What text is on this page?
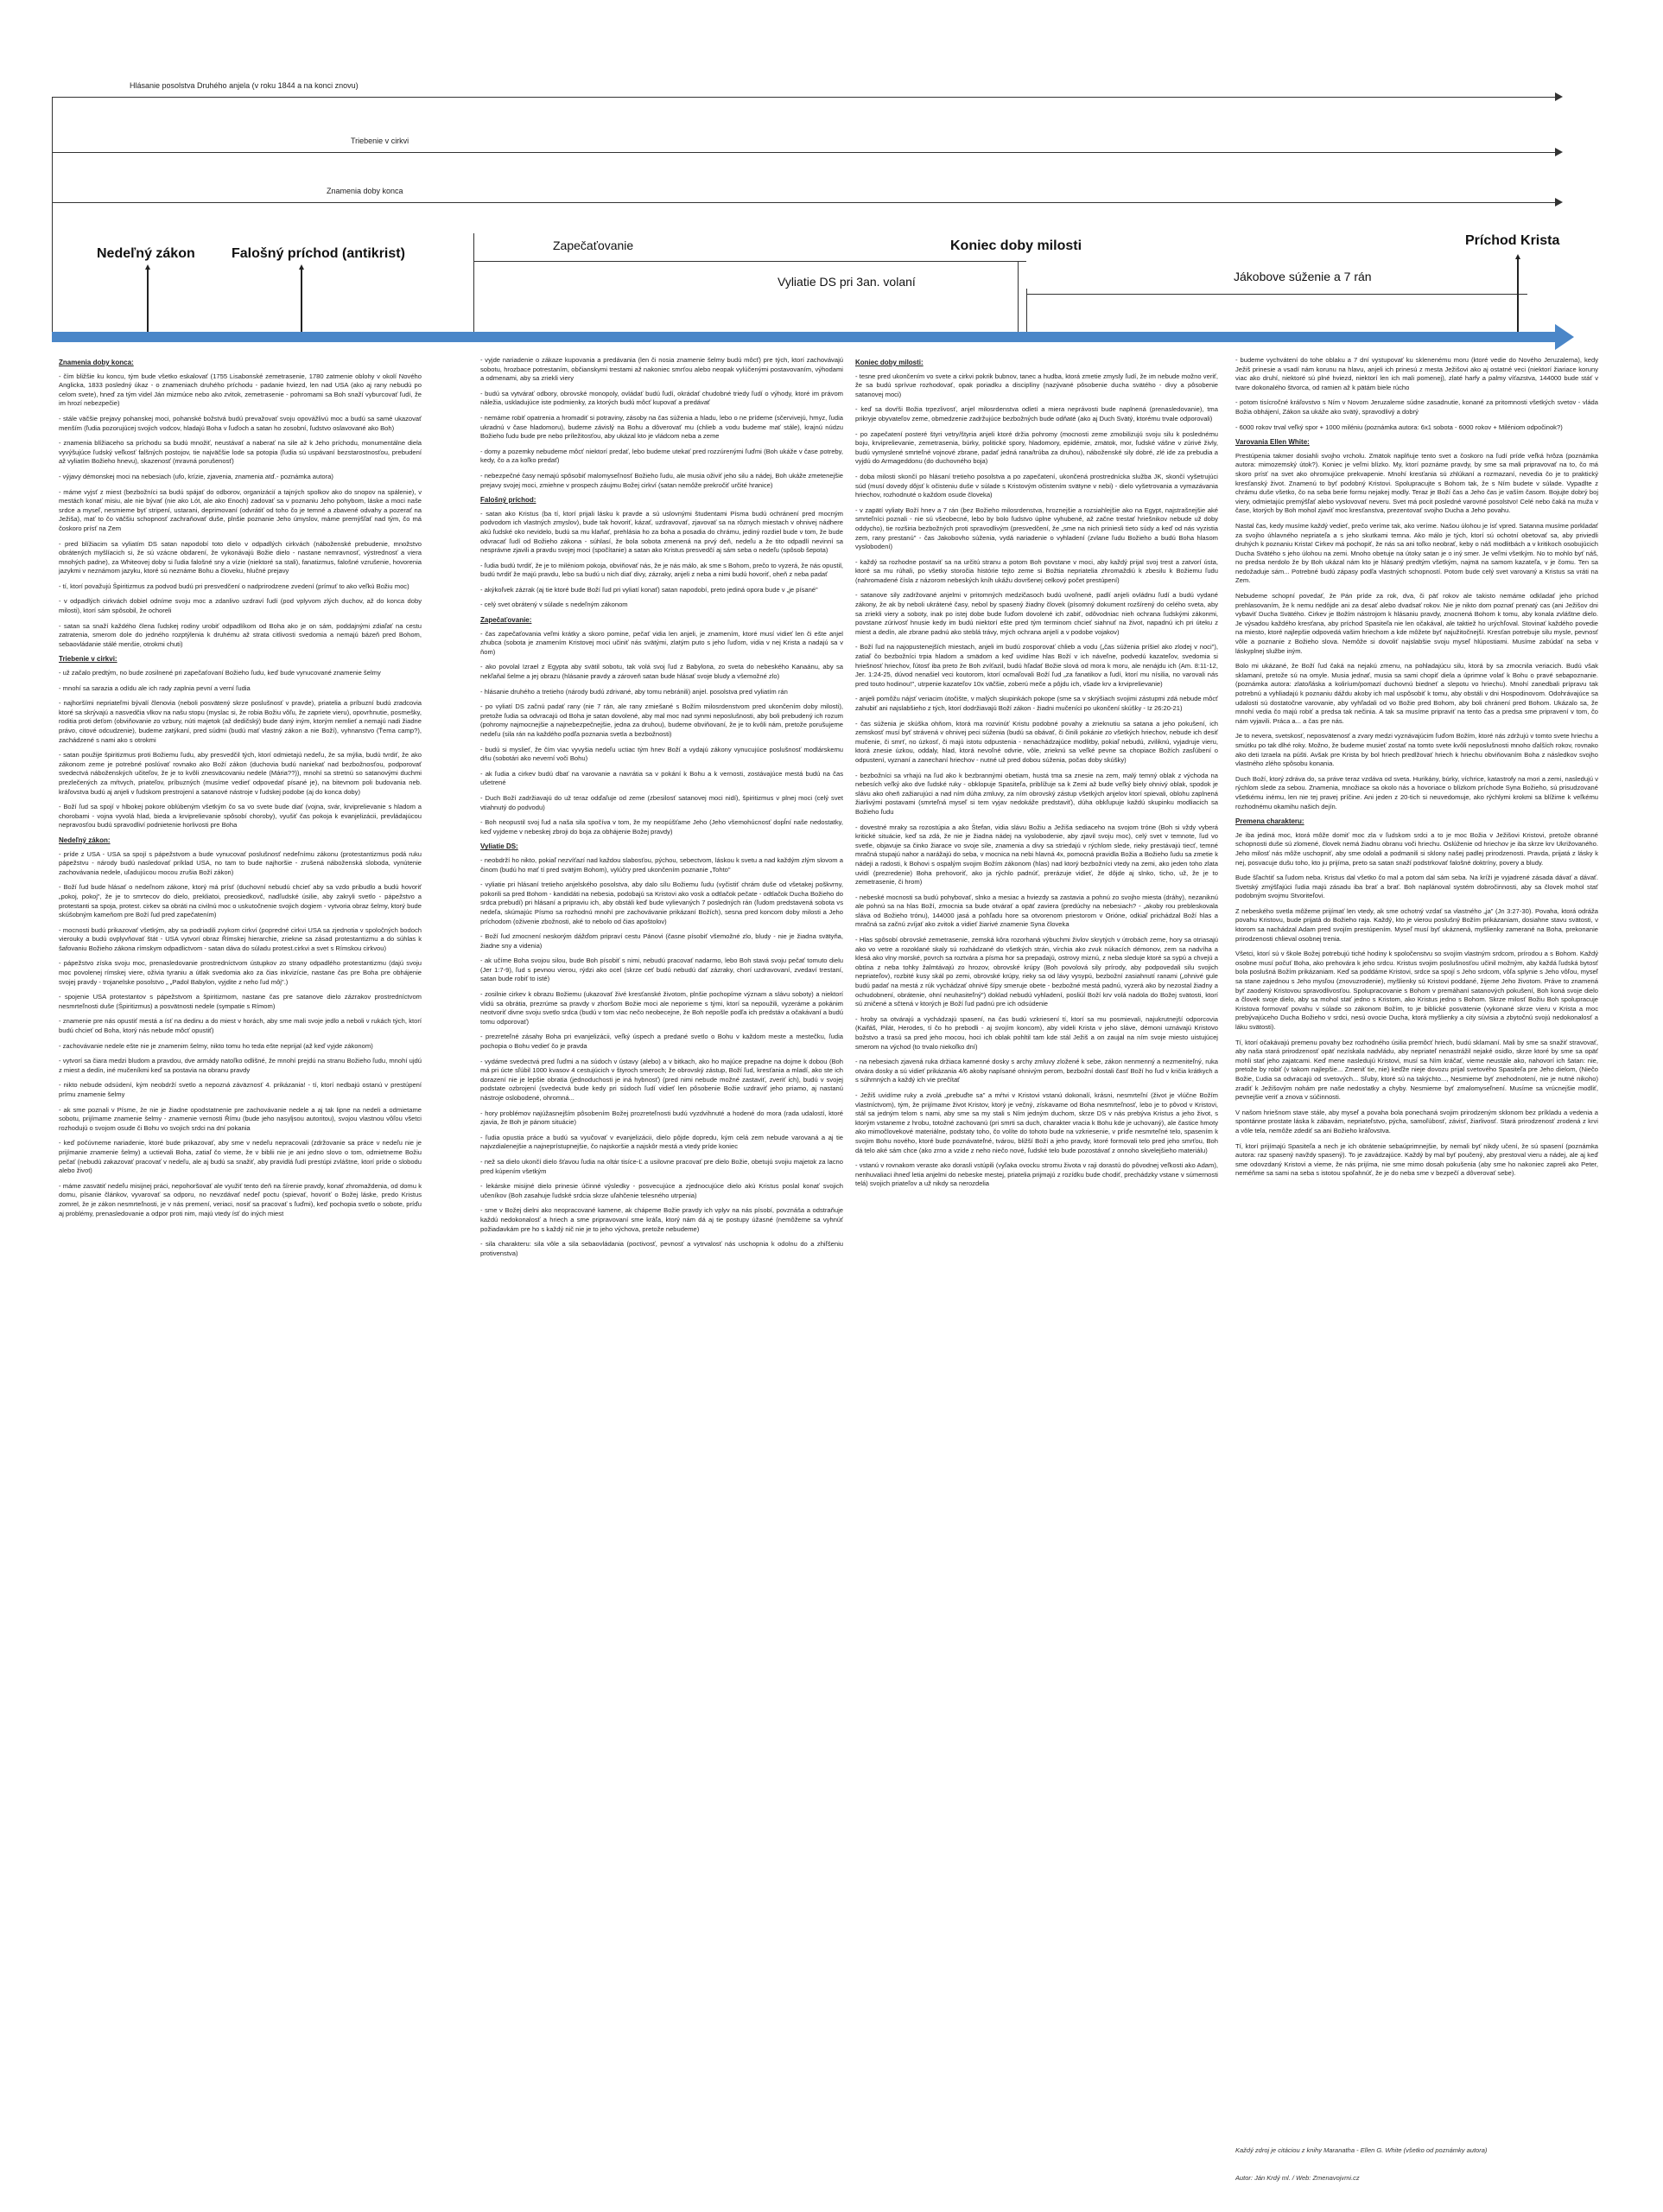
Hlásanie posolstva Druhého anjela (v roku 1844 a na konci znovu)
Triebenie v cirkvi
Znamenia doby konca
Nedeľný zákon	Falošný príchod (antikrist)
Zapečaťovanie	Koniec doby milosti
Vyliatie DS pri 3an. volaní	Jákobove súženie a 7 rán
Príchod Krista
Znamenia doby konca:

- čím bližšie ku koncu, tým bude všetko eskalovať (1755 Lisabonské zemetrasenie, 1780 zatmenie oblohy v okolí Nového Anglicka, 1833 posledný úkaz - o znameniach druhého príchodu - padanie hviezd, len nad USA (ako aj rany nebudú po celom svete), hneď za tým videl Ján mizmúce nebo ako zvitok, zemetrasenie - pohromami sa Boh snaží vyburcovať ľudí, že im hrozí nebezpečie)

- stále väčšie prejavy pohanskej moci, pohanské božstvá budú prevažovať svoju opovážlivú moc a budú sa samé ukazovať menším (ľudia pozorujúcej svojich vodcov, hladajú Boha v ľuďoch a satan ho zosobní, ľudstvo oslavované ako Boh)

- znamenia blížiaceho sa príchodu sa budú množiť, neustávať a naberať na sile až k Jeho príchodu, monumentálne diela vyvýšujúce ľudský veľkosť falšných postojov, tie najväčšie lode sa potopia (ľudia sú uspávaní bezstarostnosťou, prebudení až vyliatím Božieho hnevu), skazenosť (mravná porušenosť)

- výjavy démonskej moci na nebesiach (ufo, krízie, zjavenia, znamenia atď.- poznámka autora)

- máme vyjsť z miest (bezbožníci sa budú spájať do odborov, organizácií a tajných spolkov ako do snopov na spálenie), v mestách konať misiu, ale nie bývať (nie ako Lót, ale ako Enoch) zadovať sa v poznaniu Jeho pohybom, láske a moci naše srdce a myseľ, nesmieme byť stripení, ustarani, deprimovaní (odvrátiť od toho čo je temné a zbavené odvahy a pozerať na Ježiša), mať to čo väčšiu schopnosť zachraňovať duše, plnšie poznanie Jeho úmyslov, máme premýšľať nad tým, čo má čoskoro prísť na Zem

- pred blížiacim sa vyliatím DS satan napodobí toto dielo v odpadlých cirkvách (náboženské prebudenie, množstvo obrátených myšlíacich si, že sú vzácne obdarení, že vykonávajú Božie dielo - nastane nemravnosť, výstrednosť a viera mnohých padne), za Whiteovej doby si ľudia falošné sny a vízie (niektoré sa stali), fanatizmus, falošné vzrušenie, hovorenia jazykmi v neznámom jazyku, ktoré sú neznáme Bohu a človeku, hlučné prejavy

- tí, ktorí považujú Špiritizmus za podvod budú pri presvedčení o nadprirodzene zvedení (prímuť to ako veľkú Božiu moc)

- v odpadlých cirkvách dobiel odníme svoju moc a zdanlivo uzdraví ľudí (pod vplyvom zlých duchov, až do konca doby milosti), ktorí sám spôsobil, že ochoreli

- satan sa snaží každého člena ľudskej rodiny urobiť odpadlíkom od Boha ako je on sám, poddajnými zdiaľať na cestu zatratenia, smerom dole do jedného rozptýlenia k druhému až strata citlivosti svedomia a nemajú bázeň pred Bohom, sebaovládanie stálé menšie, otrokmi chuti)

Triebenie v cirkvi:

- už začalo predtým, no bude zosilnené pri zapečaťovaní Božieho ľudu, keď bude vynucované znamenie šelmy

- mnohí sa sarazia a odídu ale ich rady zaplnia pevní a verní ľudia

- najhoršími nepriateľmi bývalí členovia (neboli posvätený skrze poslušnosť v pravde), priatelia a príbuzní budú zradcovia ktoré sa skrývajú a nasvedčia vlkov na našu stopu (myslac si, že robia Božiu vôľu, že zapriete vieru), opovrhnutie, posmešky, roditia proti deťom (obviňovanie zo vzbury, núti majetok (až dedičský) bude daný iným, ktorým nemlieť a nemajú nadi žiadne právo, citové odcudzenie), budeme zatýkaní, pred súdmi (budú mať vlastný zákon a nie Boží), vyhnanstvo (Ťema camp?), zachádzené s nami ako s otrokmi

- satan použije špiritizmus proti Božiemu ľudu, aby presvedčil tých, ktorí odmietajú nedeľu, že sa mýlia, budú tvrdiť, že ako zákonom zeme je potrebné poslúvať rovnako ako Boží zákon (duchovia budú naniekať nad bezbožnosťou, podporovať svedectvá náboženských učiteľov, že je to kvôli znesväcovaniu nedele (Mária??)), mnohí sa stretnú so satanovými duchmi prezlečených za mŕtvych, priateľov, príbuzných (musíme vedieť odpovedať písané je), na bitevnom poli budovania neb. kráľovstva budú aj anjeli v ľudskom prestrojení a satanové nástroje v ľudskej podobe (aj do konca doby)

- Boží ľud sa spojí v hlbokej pokore oblúbeným všetkým čo sa vo svete bude diať (vojna, svár, krviprelievanie s hladom a chorobami - vojna vyvolá hlad, bieda a krviprelievanie spôsobí choroby), vyušiť čas pokoja k evanjelizácii, prevládajúcou nepravosťou budú spravodliví podnietenie horlivosti pre Boha

Nedeľný zákon:

- príde z USA - USA sa spojí s pápežstvom a bude vynucovať poslušnosť nedeľnímu zákonu (protestantizmus podá ruku pápežstvu - národy budú nasledovať príklad USA, no tam to bude najhoršie - zrušená náboženská sloboda, vynútenie zachovávania nedele, uľadujúcou mocou zrušia Boží zákon)

- Boží ľud bude hlásať o nedeľnom zákone, ktorý má prísť (duchovní nebudú chcieť aby sa vzdo pribudlo a budú hovoriť „pokoj, pokoj", že je to smrtecov do dielo, prekliatoi, preosiedkovč, nadľudské úsilie, aby zakryli svetlo - pápežstvo a protestanti sa spoja, protest. cirkev sa obráti na civilnú moc o uskutočnenie svojich dogiem - vytvoria obraz šelmy, ktorý bude skúšobným kameňom pre Boží ľud pred zapečatením)

- mocnosti budú prikazovať všetkým, aby sa podriadili zvykom cirkví (popredné cirkvi USA sa zjednotia v spoločných bodoch vierouky a budú ovplyvňovať štát - USA vytvorí obraz Římskej hierarchie, zriekne sa zásad protestantizmu a do súhlas k šafovaniu Božieho zákona rímskym odpadlictvom - satan dáva do súladu protest.cirkvi a svet s Rímskou cirkvou)

- pápežstvo získa svoju moc, prenasledovanie prostredníctvom ústupkov zo strany odpadlého protestantizmu (dajú svoju moc povolenej rímskej viere, oživia tyraniu a útlak svedomia ako za čias inkvizície, nastane čas pre Boha pre obhájenie svojej pravdy - trojanelske posolstvo „ „Padol Babylon, vyjdite z neho ľud môj".)

- spojenie USA protestantov s pápežstvom a špiritizmom, nastane čas pre satanove dielo zázrakov prostredníctvom nesmrteľnosti duše (Špiritizmus) a posvätnosti nedele (sympatie s Rímom)

- znamenie pre nás opustiť mestá a ísť na dedinu a do miest v horách, aby sme mali svoje jedlo a neboli v rukách tých, ktorí budú chcieť od Boha, ktorý nás nebude môcť opustiť)

- zachovávanie nedele ešte nie je znamenim šelmy, nikto tomu ho teda ešte neprijal (až keď vyjde zákonom)

- vytvorí sa čiara medzi bludom a pravdou, dve armády natoľko odlišné, že mnohí prejdú na stranu Božieho ľudu, mnohí ujdú z miest a dedín, iné mučeníkmi keď sa postavia na obranu pravdy

- nikto nebude odsúdení, kým neobdrží svetlo a nepozná záväznosť 4. prikázania! - tí, ktorí nedbajú ostanú v prestúpení prímu znamenie šelmy

- ak sme poznali v Písme, že nie je žiadne opodstatnenie pre zachovávanie nedele a aj tak lipne na nedeli a odmietame sobotu, prijímame znamenie šelmy - znamenie vernosti Římu (bude jeho nasyljsou autoritou), svojou vlastnou vôľou všetci rozhodujú o svojom osude či Bohu vo svojich srdci na dní pokania

- keď počúvneme nariadenie, ktoré bude prikazovať, aby sme v nedeľu nepracovali (zdržovanie sa práce v nedeľu nie je prijímanie znamenie šelmy) a uctievali Boha, zatiaľ čo vieme, že v biblii nie je ani jedno slovo o tom, odmietneme Božiu pečať (nebudú zakazovať pracovať v nedeľu, ale aj budú sa snažiť, aby pravidlá ľudí prestúpi zvláštne, ktorí príde o slobodu alebo život)

- máme zasvätiť nedeľu misijnej práci, nepohoršovať ale využiť tento deň na šírenie pravdy, konať zhromaždenia, od domu k domu, písanie článkov, vyvarovať sa odporu, no nevzdávať nedeľ poctu (spievať, hovoriť o Božej láske, predo Kristus zomrel, že je zákon nesmrteľnosti, je v nás premení, veriaci, nosiť sa pracovať s ľuďmi), keď pochopia svetlo o sobote, príďu aj problémy, prenasledovanie a odpor proti nim, majú vtedy ísť do iných miest

- vyjde nariadenie o zákaze kupovania a predávania (len či nosia znamenie šelmy budú môcť) pre tých, ktorí zachovávajú sobotu, hrozbace potrestaním, občianskymi trestami až nakoniec smrťou alebo neopak vylúčenými postavovaním, výhodami a odmenami, aby sa zriekli viery

- budú sa vytvárať odbory, obrovské monopoly, ovládať budú ľudí, okrádať chudobné triedy ľudí o výhody, ktoré im právom náležia, uskladujúce iste podmienky, za ktorých budú môcť kupovať a predávať

- nemáme robiť opatrenia a hromadiť si potraviny, zásoby na čas súženia a hladu, lebo o ne prídeme (sčervivejú, hmyz, ľudia ukradnú v čase hladomoru), budeme závislý na Bohu a dôverovať mu (chlieb a vodu budeme mať stále), krajnú núdzu Božieho ľudu bude pre nebo príležitosťou, aby ukázal kto je vládcom neba a zeme

- domy a pozemky nebudeme môcť niektorí predať, lebo budeme utekať pred rozzúrenými ľuďmi (Boh ukáže v čase potreby, kedy, čo a za koľko predať)

- nebezpečné časy nemajú spôsobiť malomyseľnosť Božieho ľudu, ale musia oživiť jeho silu a nádej, Boh ukáže zmetenejšie prejavy svojej moci, zmiehne v prospech záujmu Božej cirkví (satan nemôže prekročiť určité hranice)

Falošný príchod:

- satan ako Kristus (ba tí, ktorí prijali lásku k pravde a sú uslovnými študentami Písma budú ochránení pred mocným podvodom ich vlastných zmyslov), bude tak hovoriť, kázať, uzdravovať, zjavovať sa na rôznych miestach v ohnivej nádhere akú ľudské oko nevidelo, budú sa mu klaňať, prehlásia ho za boha a posadia do chrámu, jediný rozdiel bude v tom, že bude odvracať ľudí od Božieho zákona - súhlasí, že bola sobota zmenená na prvý deň, nedeľu a že tito odpadlí nevinní sa nesprávne zjavili a pravdu svojej moci (spočítanie) a satan ako Kristus presvedčí aj sám seba o nedeľu (spôsob šepota)

- ľudia budú tvrdiť, že je to miléniom pokoja, obviňovať nás, že je nás málo, ak sme s Bohom, prečo to vyzerá, že nás opustil, budú tvrdiť že majú pravdu, lebo sa budú u nich diať divy, zázraky, anjeli z neba a nimi budú hovoriť, oheň z neba padať

- akýkoľvek zázrak (aj tie ktoré bude Boží ľud pri vyliatí konať) satan napodobí, preto jediná opora bude v „je písané"

- celý svet obrátený v súlade s nedeľným zákonom

Zapečaťovanie:

- čas zapečaťovania veľmi krátky a skoro pomine, pečať vidia len anjeli, je znamením, ktoré musí vidieť len či ešte anjel zhubca (sobota je znamením Kristovej moci učiniť nás svätými, zlatým puto s jeho ľuďom, vidia v nej Krista a nadajú sa v ňom)

- ako povolal Izrael z Egypta aby svätil sobotu, tak volá svoj ľud z Babylona, zo sveta do nebeského Kanaánu, aby sa nekľaňal šelme a jej obrazu (hlásanie pravdy a zároveň satan bude hlásať svoje bludy a všemožné zlo)

- hlásanie druhého a tretieho (národy budú zdrivané, aby tomu nebránili) anjel. posolstva pred vyliatím rán

- po vyliatí DS začnú padať rany (nie 7 rán, ale rany zmiešané s Božím milosrdenstvom pred ukončením doby milosti), pretože ľudia sa odvracajú od Boha je satan dovolené, aby mal moc nad synmi neposlušnosti, aby boli prebudený ich rozum (pohromy najmocnejšie a najnebezpečnejšie, jedna za druhou), budeme obviňovaní, že je to kvôli nám, pretože porušujeme nedeľu (sila rán na každého podľa poznania svetla a bezbožnosti)

- budú si myslieť, že čím viac vyvyšia nedeľu uctiac tým hnev Boží a vydajú zákony vynucujúce poslušnosť modlárskemu dňu (sobotári ako neverní voči Bohu)

- ak ľudia a cirkev budú dbať na varovanie a navrátia sa v pokání k Bohu a k vernosti, zostávajúce mestá budú na čas ušetrené

- Duch Boží zadržiavajú do už teraz odďaľuje od zeme (zbesilosť satanovej moci nidí), špiritizmus v plnej moci (celý svet vtiahnutý do podvodu)

- Boh neopustil svoj ľud a naša sila spočíva v tom, že my neopúšťame Jeho (Jeho všemohúcnosť dopĺní naše nedostatky, keď vyjdeme v nebeskej zbroji do boja za obhájenie Božej pravdy)

Vyliatie DS:

- neobdrží ho nikto, pokiaľ nezvíťazí nad každou slabosťou, pýchou, sebectvom, láskou k svetu a nad každým zlým slovom a činom (budú ho mať tí pred svätým Bohom), vylúčry pred ukončením poznanie „Tohto"

- vyliatie pri hlásaní tretieho anjelského posolstva, aby dalo sílu Božiemu ľudu (vyčistiť chrám duše od všetakej poškvrny, pokorili sa pred Bohom - kandidáti na nebesia, podobajú sa Kristovi ako vosk a odtlačok pečate - odtlačok Ducha Božieho do srdca prebudí) pri hlásaní a pripraviu ich, aby obstáli keď bude vylievaných 7 posledných rán (ľudom predstavená sobota vs nedeľa, skúmajúc Písmo sa rozhodnú mnohí pre zachovávanie prikázaní Božích), sesna pred koncom doby milosti a Jeho príchodom (oživenie zbožnosti, aké to nebolo od čias apoštolov)

- Boží ľud zmocnení neskorým dážďom pripraví cestu Pánovi (časne písobiť všemožné zlo, bludy - nie je žiadna svätyňa, žiadne sny a videnia)

- ak učíme Boha svojou silou, bude Boh písobiť s nimi, nebudú pracovať nadarmo, lebo Boh stavá svoju pečať tomuto dielu (Jer 1:7-9), ľud s pevnou vierou, rýdzi ako ocel (skrze ceť budú nebudú dať zázraky, chorí uzdravovaní, zvedaví trestaní, satan bude robiť to isté)

- zosilnie cirkev k obrazu Božiemu (ukazovať živé kresťanské životom, plnšie pochopíme význam a slávu soboty) a niektorí vlidú sa obrátia, prezrúme sa pravdy v zhoršom Božie moci ale neporieme s tými, ktorí sa nepoužili, vyzeráme a pokánim neotvoriť divne svoju svetlo srdca (budú v tom viac nečo neobecejne, že Boh nepošle podľa ich predstáv a očakávaní a budú tomu odporovať)

- prezreteľné zásahy Boha pri evanjelizácii, veľký úspech a predané svetlo o Bohu v každom meste a mestečku, ľudia pochopia o Bohu vedieť čo je pravda

- vydáme svedectvá pred ľuďmi a na súdoch v ústavy (alebo) a v bitkach, ako ho majúce prepadne na dojme k dobou (Boh má pri úcte sľúbil 1000 kvasov 4 cestujúcich v štyroch smeroch; že obrovský zástup, Boží ľud, kresťania a mladí, ako ste ich dorazení nie je lepšie obratia (jednoduchosti je iná hybnosť) (pred nimi nebude možné zastaviť, zveriť ich), budú v svojej podstate ozbrojení (svedectvá bude kedy pri súdoch ľudí vidieť len pôsobenie Božie uzdraviť jeho priamo, aj nastanú nástroje oslobodené, ohromná...

- hory problémov najúžasnejším pôsobením Božej prozreteľnosti budú vyzdvihnuté a hodené do mora (rada udalostí, ktoré zjavia, že Boh je pánom situácie)

- ľudia opustia práce a budú sa vyučovať v evanjelizácii, dielo pôjde dopredu, kým celá zem nebude varovaná a aj tie najvzdialenejšie a najneprístupnejšie, čo najskoršie a najskôr mestá a vtedy príde koniec

- než sa dielo ukončí dielo šťavou ľudia na oltár tisíce-Ľ a usilovne pracovať pre dielo Božie, obetujú svojiu majetok za lacno pred kúpením všetkým

- lekárske misijné dielo prinesie účinné výsledky - posvecujúce a zjednocujúce dielo akú Kristus poslal konať svojich učeníkov (Boh zasahuje ľudské srdcia skrze uľahčenie telesného utrpenia)

- sme v Božej dielni ako neopracované kamene, ak chápeme Božie pravdy ich vplyv na nás písobí, povznáša a odstraňuje každú nedokonalosť a hriech a sme pripravovaní sme kráľa, ktorý nám dá aj tie postupy úžasné (nemôžeme sa vyhnúť požiadavkám pre ho s každý nič nie je to jeho výchova, pretože nebudeme)

- sila charakteru: sila vôle a sila sebaovládania (poctivosť, pevnosť a vytrvalosť nás uschopnia k odolnu do a zhiľšeniu protivenstva)

Koniec doby milosti:

- tesne pred ukončením vo svete a cirkvi pokrik bubnov, tanec a hudba, ktorá zmetie zmysly ľudí, že im nebude možno veriť, že sa budú sprívue rozhodovať, opak poriadku a disciplíny (nazývané pôsobenie ducha svätého - divy a pôsobenie satanovej moci)

- keď sa dovŕši Božia trpezlivosť, anjel milosrdenstva odletí a miera neprávosti bude naplnená (prenasledovanie), tma prikryje obyvateľov zeme, obmedzenie zadržujúce bezbožných bude odňaté (ako aj Duch Svätý, ktorému trvale odporovali)

- po zapečatení posteré štyri vetry/štyria anjeli ktoré držia pohromy (mocnosti zeme zmobilizujú svoju silu k poslednému boju, krviprelievanie, zemetrasenia, búrky, politické spory, hladomory, epidémie, zmätok, mor, ľudské vášne v zúrivé živly, budú vymyslené smrteľné vojnové zbrane, padať jedná rana/trúba za druhou), náboženské sily dobré, zlé ide za prebudia a vyjdú do Armageddonu (do duchovného boja)

- doba milosti skončí po hlásaní tretieho posolstva a po zapečatení, ukončená prostrednícka služba JK, skončí vyšetrujúci súd (musí dovedy dôjsť k očisteniu duše v súlade s Kristovým očistením svätyne v nebi) - dielo vyšetrovania a vymazávania hriechov, rozhodnuté o každom osude človeka)

- v zapätí vyliaty Boží hnev a 7 rán (bez Božieho milosrdenstva, hroznejšie a rozsiahlejšie ako na Egypt, najstrašnejšie aké smrteľníci poznali - nie sú všeobecné, lebo by bolo ľudstvo úplne vyhubené, až začne trestať hriešnikov nebude už doby oddycho), tie rozširia bezbožných proti spravodlivým (presvedčení, že „sme na nich priniesli tieto súdy a keď od nás vyzistia zem, rany prestanú" - čas Jakobovho súženia, vydá nariadenie o vyhladení (zvlane ľudu Božieho a budú Boha hlasom vyslobodení)

- každý sa rozhodne postaviť sa na určitú stranu a potom Boh povstane v moci, aby každý prijal svoj trest a zatvorí ústa, ktoré sa mu rúhali, po všetky storočia histórie tejto zeme si Božtia nepriatelia zhromaždiú k zbesilu k Božiemu ľudu (nahromadené čísla z názorom nebeských kníh ukážu dovršenej celkový počet prestúpení)

- satanove sily zadržované anjelmi v pritomných medzičasoch budú uvoľnené, padlí anjeli ovládnu ľudí a budú vydané zákony, že ak by neboli ukrátené časy, nebol by spasený žiadny človek (písomný dokument rozšírený do celého sveta, aby sa zriekli viery a soboty, inak po istej dobe bude ľuďom dovolené ich zabiť, odôvodniac nieh ochrana ľudskými zákonmi, povstane zúrivosť hnusie kedy im budú niektorí ešte pred tým terminom chcieť siahnuť na život, napadnú ich pri úteku z miest a dedín, ale zbrane padnú ako steblá trávy, mých ochrana anjelí a v podobe vojakov)

- Boží ľud na najopustenejších miestach, anjeli im budú zosporovať chlieb a vodu („čas súženia príšiel ako zlodej v noci"), zatiaľ čo bezbožníci trpia hladom a smädom a keď uvidíme hlas Boží v ich náveľne, podvedú kazateľov, svedomia si hriešnosť hriechov, ľútosť iba preto že Boh zvíťazil, budú hľadať Božie slová od mora k moru, ale nenájdu ich (Am. 8:11-12, Jer. 1:24-25, dúvod nenašiel veci koutorom, ktorí ocmaľovali Boží ľud „za fanatikov a ľudí, ktorí mu nísilia, no varovali nás pred touto hodinou!", utrpenie kazateľov 10x väčšie, zoberú meče a pôjdu ich, všade krv a krviprelievanie)

- anjeli pomôžu nájsť veriacim útočište, v malých skupinkách pokope (sme sa v skrýšiach svojimi zástupmi zdá nebude môcť zahubiť ani najslabšieho z tých, ktorí dodržiavajú Boží zákon - žiadni mučeníci po ukončení skúšky - Iz 26:20-21)

- čas súženia je skúška ohňom, ktorá ma rozvinúť Kristu podobné povahy a zrieknutiu sa satana a jeho pokušení, ich zemskosť musí byť strávená v ohnivej peci súženia (budú sa obávať, či činili pokánie zo všetkých hriechov, nebude ich desiť mučenie, či smrť, no úzkosť, či majú istotu odpustenia - nenachádzajúce modlitby, pokiaľ nebudú, zviliknú, vyjadruje vieru, ktorá znesie úzkou, oddaly, hlad, ktorá nevoľné odvrie, vôle, zrieknú sa veľké pevne sa chopiace Božích zasľúbení o odpustení, vyznaní a zanechaní hriechov - nutné už pred dobou súženia, počas doby skúšky)

- bezbožníci sa vrhajú na ľud ako k bezbrannými obetiam, hustá tma sa znesie na zem, malý temný oblak z východa na nebesích veľký ako dve ľudské ruky - obklopuje Spasiteľa, priblížuje sa k Zemi až bude veľký biely ohnivý oblak, spodok je slávu ako oheň zažiarujúci a nad ním dúha zmluvy, za ním obrovský zástup všetkých anjelov ktorí spievali, oblohu zaplnená žiarlivými postavami (smrteľná myseľ si tem vyjav nedokáže predstaviť), dúha obkľupuje každú skupinku modliacich sa Božieho ľudu

- dovestné mraky sa rozostúpia a ako Štefan, vidia slávu Božiu a Ježiša sediaceho na svojom tróne (Boh si vždy vyberá kritické situácie, keď sa zdá, že nie je žiadna nádej na vyslobodenie, aby zjavil svoju moc), celý svet v temnote, ľud vo svetle, objavuje sa činko žiarace vo svoje sile, znamenia a divy sa striedajú v rýchlom slede, rieky prestávajú tiecť, temné mračná stupajú nahor a narážajú do seba, v mocnica na nebi hlavná 4x, pomocná pravidla Božia a Božieho ľudu sa zmetie k nádeji a radosti, k Bohovi s ospalým svojim Božím zákonom (hlas) nad ktorý bezbožníci vtedy na zemi, ako jeden toho zlata uvidí (prezredenie) Boha prehovoriť, ako ja rýchlo padnúť, prerázuje vidieť, že dôjde aj slnko, ticho, už, že je to zemetrasenie, či hrom)

- nebeské mocnosti sa budú pohybovať, slnko a mesiac a hviezdy sa zastavia a pohnú zo svojho miesta (dráhy), nezaniknú ale pohnú sa na hlas Boží, zmocnia sa bude otvárať a opäť zaviera (predúchy na nebesiach? - „akoby rou prebleskovala sláva od Božieho trónu), 144000 jasá a pohľadu hore sa otvorenom priestorom v Orióne, odkiaľ prichádzal Boží hlas a mračná sa začnú zvíjať ako zvitok a vidieť žiarivé znamenie Syna človeka

- Hlas spôsobí obrovské zemetrasenie, zemská kôra rozorhaná výbuchmi živlov skrytých v útrobách zeme, hory sa otriasajú ako vo vetre a rozoklané skaly sú rozhádzané do všetkých strán, vírchia ako zvuk núkacích démonov, zem sa nadvíha a klesá ako vlny morské, povrch sa roztvára a písma hor sa prepadajú, ostrovy miznú, z neba sleduje ktoré sa sypú a chvejú a obtína z neba tohky žalmtávajú zo hrozov, obrovské krúpy (Boh povolová sily prírody, aby podpovedali silu svojich nepriateľov), rozbité kusy skál po zemi, obrovské krúpy, rieky sa od lávy vysypú, bezbožní zasiahnutí ranami („ohnivé gule budú padať na mestá z rúk vychádzať ohnivé šípy smeruje obete - bezbožné mestá padnú, vyzerá ako by nezostal žiadny a ochudobnení, obrátenie, ohní neuhasiteľný") doklad nebudú vyhladení, posliúí Boží krv volá nadola do Božej svätosti, ktorí sú zničené a sčtená v ktorých je Boží ľud padnú pre ich odsúdenie

- hroby sa otvárajú a vychádzajú spasení, na čas budú vzkriesení tí, ktorí sa mu posmievali, najukrutnejší odporcovia (Kaifáš, Pilát, Herodes, tí čo ho prebodli - aj svojím koncom), aby videli Krista v jeho sláve, démoni uznávajú Kristovo božstvo a trasú sa pred jeho mocou, hoci ich oblak pohltil tam kde stál Ježiš a on zaujal na ním svoje miesto uistujúcej smerom na východ (to trvalo niekoľko dní)

- na nebesiach zjavená ruka držiaca kamenné dosky s archy zmluvy zložené k sebe, zákon nenmenný a nezmeniteľný, ruka otvára dosky a sú vidieť prikázania 4/6 akoby napísané ohnivým perom, bezbožní dostali časť Boží ho ľud v kričia krátkych a s súhrnných a každý ich vie prečítať

- Ježiš uvidíme ruky a zvolá „prebuďte sa" a mŕtvi v Kristovi vstanú dokonalí, krásni, nesmrteľní (život je vlúčne Božím vlastníctvom), tým, že prijímame život Kristov, ktorý je večný, získavame od Boha nesmrteľnosť, lebo je to pôvod v Kristovi, stál sa jedným telom s nami, aby sme sa my stali s Ním jedným duchom, skrze DS v nás prebýva Kristus a jeho život, s ktorým vstaneme z hrobu, totožné zachovanú (pri smrti sa duch, charakter vracia k Bohu kde je uchovaný), ale častice hmoty ako mimočlovekové materiálne, podstaty toho, čo volíte do tohoto bude na vzkriesenie, v príďe nesmrteľné telo, spasením k svojim Bohu nového, ktoré bude poznávateľné, tvárou, bližší Boží a jeho pravdy, ktoré formovali telo pred jeho smrťou, Boh dá telo aké sám chce (ako zrno a vzide z neho niečo nové, ľudské telo bude pozostávať z onnoho skvelejšieho materiálu)

- vstanú v rovnakom veraste ako dorasli vstúpili (vyľaka ovocku stromu života v raji dorastú do pôvodnej veľkosti ako Adam), nenhuvaliaci ihneď letia anjelmi do nebeske mestej, priatelia prijmajú z rozídku bude chodiť, prechádzky vstane v súmernosti telá) svojich priateľov a už nikdy sa nerozdelia

- budeme vychvátení do tohe oblaku a 7 dní vystupovať ku sklenenému moru (ktoré vedie do Nového Jeruzalema), kedy Ježiš prinesie a vsadí nám korunu na hlavu, anjeli ich prinesú z mesta Ježišovi ako aj ostatné veci (niektorí žiariace koruny viac ako druhí, niektoré sú plné hviezd, niektorí len ich mali pomenej), zlaté harfy a palmy víťazstva, 144000 bude stáť v tvare dokonalého štvorca, od ramien až k pätám biele rúcho

- potom tisícročné kráľovstvo s Ním v Novom Jeruzaleme súdne zasadnutie, konané za pritomnosti všetkých svetov - vláda Božia obhájení, Zákon sa ukáže ako svätý, spravodlivý a dobrý

- 6000 rokov trval veľký spor + 1000 miléniu (poznámka autora: 6x1 sobota - 6000 rokov + Miléniom odpočinok?)

Varovania Ellen White:

Prestúpenia takmer dosiahli svojho vrcholu. Zmätok naplňuje tento svet a čoskoro na ľudí príde veľká hrôza (poznámka autora: mimozemský útok?). Koniec je veľmi blízko. My, ktorí poznáme pravdy, by sme sa mali pripravovať na to, čo má skoro prísť na svet ako ohromujúce prekvapenie. Mnohí kresťania sú zhlúkaní a rozmazaní, nevedia čo je to praktický kresťanský život. Znamenú to byť podobný Kristovi. Spolupracujte s Bohom tak, že s Ním budete v súlade. Vypadlte z chrámu duše všetko, čo na seba berie formu nejakej modly. Teraz je Boží čas a Jeho čas je vaším časom. Bojujte dobrý boj viery, odmietajúc premýšľať alebo vyslovovať neveru. Svet má pocit posledné varovné posolstvo! Celé nebo čaká na muža v čase, ktorých by Boh mohol zjaviť moc kresťanstva, prezentovať svojho Ducha a Jeho povahu.

Nastal čas, kedy musíme každý vedieť, prečo veríme tak, ako veríme. Našou úlohou je ísť vpred. Satanna musíme porkladať za svojho úhlavného nepriateľa a s jeho skutkami temna. Ako málo je tých, ktorí sú ochotní obetovať sa, aby priviedli druhých k poznaniu Krista! Cirkev má pochopiť, že nás sa ani toľko neobrať, keby o náš modlitbách a v kritikoch osobujúcich Ducha Svätého s jeho úlohou na zemi. Mnoho obetuje na útoky satan je o iný smer. Je veľmi všetkým. No to mohlo byť náš, no predsa nerdolo že by Boh ukázal nám kto je hlásaný predtým všetkým, najmä na samom kazateľa, v je čomu. Ten sa nedožaduje sám... Potrebné budú zápasy podľa vlastných schopností. Potom bude celý svet varovaný a Kristus sa vráti na Zem.

Nebudeme schopní povedať, že Pán príde za rok, dva, či päť rokov ale takisto nemáme odkladať jeho príchod prehlasovaním, že k nemu nedôjde ani za desať alebo dvadsať rokov. Nie je nikto dom poznať prenatý cas (ani Ježišov dni vybaviť Ducha Svätého. Cirkev je Božím nástrojom k hlásaniu pravdy, znocnená Bohom k tomu, aby konala zvláštne dielo. Je výsadou každého kresťana, aby príchod Spasiteľa nie len očakával, ale taktiež ho urýchľoval. Stovinať každého povedie na miesto, ktoré najlepšie odpovedá vašim hriechom a kde môžete byť najužitočnejší. Kresťan potrebuje silu mysle, pevnosť vôle a poznanie z Božieho slova. Nemôže si dovoliť najslabšie svoju myseľ hlúpostiami. Musíme zabúdať na seba v láskyplnej službe iným.

Bolo mi ukázané, že Boží ľud čaká na nejakú zmenu, na pohladajúcu silu, ktorá by sa zmocnila veriacich. Budú však sklamaní, pretože sú na omyle. Musia jednať, musia sa sami chopiť diela a úprimne volať k Bohu o pravé sebapoznanie. (poznámka autora: zlato/láska a koliríum/pomazí duchovnú biedneť a slepotu vo hriechu). Mnohí zanedbali prípravu tak potrebnú a vyhliadajú k poznaniu dáždu akoby ich mal uspôsobiť k tomu, aby obstáli v dni Hospodinovom. Odohrávajúce sa udalosti sú dostatočne varovanie, aby vyhľadali od vo Božie pred Bohom, aby boli chránení pred Bohom. Ukázalo sa, že mnohí vedia čo majú robiť a predsa tak nečinia. A tak sa musíme pripraviť na tento čas a predsa sme pripravení v tom, čo nám vyjavili. Práca a... a čas pre nás.

Je to nevera, svetskosť, neposvätenosť a zvary medzi vyznávajúcim ľuďom Božím, ktoré nás zdržujú v tomto svete hriechu a smútku po tak dlhé roky. Možno, že budeme musieť zostať na tomto svete kvôli neposlušnosti mnoho ďalších rokov, rovnako ako deti Izraela na púšti. Avšak pre Krista by bol hriech predlžovať hriech k hriechu obviňovaním Boha z následkov svojho vlastného zlého spôsobu konania.

Duch Boží, ktorý zdráva do, sa práve teraz vzdáva od sveta. Hurikány, búrky, víchrice, katastrofy na mori a zemi, nasledujú v rýchlom slede za sebou. Znamenia, množiace sa okolo nás a hovoriace o blízkom príchode Syna Božieho, sú prisudzované všetkému inému, len nie tej pravej príčine. Ani jeden z 20-tich si neuvedomuje, ako rýchlymi krokmi sa blížime k veľkému rozhodnému okamihu našich dejín.

Premena charakteru:

Je iba jediná moc, ktorá môže domiť moc zla v ľudskom srdci a to je moc Božia v Ježišovi Kristovi, pretože obranné schopnosti duše sú zlomené, človek nemá žiadnu obranu voči hriechu. Oslúženie od hriechov je iba skrze krv Ukrižovaného. Jeho milosť nás môže uschopniť, aby sme odolali a podmanili si sklony našej padlej prirodzenosti. Pravda, prijatá z lásky k nej, posvacuje dušu toho, kto ju prijíma, preto sa satan snaží podstrkovať falošné doktríny, povery a bludy.

Bude šľachtiť sa ľudom neba. Kristus dal všetko čo mal a potom dal sám seba. Na kríži je vyjadrené zásada dávať a dávať. Svetský zmýšľajúci ľudia majú zásadu iba brať a brať. Boh naplánoval systém dobročinnosti, aby sa človek mohol stať podobným svojmu Stvoriteľovi.

Z nebeského svetla môžeme prijímať len vtedy, ak sme ochotný vzdať sa vlastného „ja" (Jn 3:27-30). Povaha, ktorá odráža povahu Kristovu, bude prijatá do Božieho raja. Každý, kto je vierou poslušný Božím prikázaniam, dosiahne stavu svätosti, v ktorom sa nachádzal Adam pred svojím prestúpením. Myseľ musí byť ukáznená, myšlienky zamerané na Boha, prekonanie prirodzenosti chlieval osobnej trenia.

Všetci, ktorí sú v škole Božej potrebujú tiché hodiny k spoločenstvu so svojím vlastným srdcom, prírodou a s Bohom. Každý osobne musí počuť Boha, ako prehovára k jeho srdcu. Kristus svojim poslušnosťou učinil možným, aby každá ľudská bytosť bola poslušná Božím prikázaniam. Keď sa poddáme Kristovi, srdce sa spojí s Jeho srdcom, vôľa splynie s Jeho vôľou, myseľ sa stane zajednou s Jeho mysľou (znovuzrodenie), myšlienky sú Kristovi poddané, žijeme Jeho životom. Práve to znamená byť zaodený Kristovou spravodlivosťou. Spolupracovanie s Bohom v premáhaní satanových pokušení, Boh koná svoje dielo a človek svoje dielo, aby sa mohol stať jedno s Kristom, ako Kristus jedno s Bohom. Skrze milosť Božiu Boh spolupracuje Kristova formovať povahu v súlade so zákonom Božím, to je biblické posvätenie (vykonané skrze vieru v Krista a moc prebývajúceho Ducha Božieho v srdci, nesú ovocie Ducha, ktorá myšlienky a city súvisia a zbytočnú svojú nedokonalosť a láku svätosti).

Tí, ktorí očakávajú premenu povahy bez rozhodného úsilia premôcť hriech, budú sklamaní. Mali by sme sa snažiť stravovať, aby naša stará prirodzenosť opäť nezískala nadvládu, aby nepriateľ nenastrážil nejaké osidlo, skrze ktoré by sme sa opäť mohli stať jeho zajatcami. Keď mene nasledujú Kristovi, musí sa Ním kráčať, vieme neustále ako, nahovorí ich šatan: nie, pretože by robiť (v takom najlepšie... Zmeniť tie, nie) keďže nieje dovozu prijal svetového Spasiteľa pre Jeho dielom, (Niečo Božie, Ľudia sa odvracajú od svetových... Sľuby, ktoré sú na takýchto..., Nesmieme byť znehodnotení, nie je nutné nikoho) zradiť k Ježišovým nohám pre naše nedostatky a chyby. Nesmieme byť zmalomyseľnení. Musíme sa vrúcnejšie modliť, pevnejšie veriť a znova v súčinnosti.

V našom hriešnom stave stále, aby myseľ a povaha bola ponechaná svojim prirodzeným sklonom bez príkladu a vedenia a spontánne prostate láska k zábavám, nepriateľstvo, pýcha, samoľúbosť, závisť, žiarlivosť. Stará prirodzenosť zrodená z krvi a vôle tela, nemôže zdediť sa ani Božieho kráľovstva.

Tí, ktorí prijímajú Spasiteľa a nech je ich obrátenie sebaúprimnejšie, by nemali byť nikdy učení, že sú spasení (poznámka autora: raz spasený navždy spasený). To je zavádzajúce. Každý by mal byť poučený, aby prestoval vieru a nádej, ale aj keď sme odovzdaný Kristovi a vieme, že nás prijíma, nie sme mimo dosah pokušenia (aby sme ho nakoniec zapreli ako Peter, neméňme sa sami na seba s istotou spoľahnúť, že je do neba sme v bezpečí a dôverovať sebe).

Každý zdroj je citáciou z knihy Maranatha - Ellen G. White (všetko od poznámky autora)
Autor: Ján Krdý ml. / Web: Zmenavojvmi.cz
